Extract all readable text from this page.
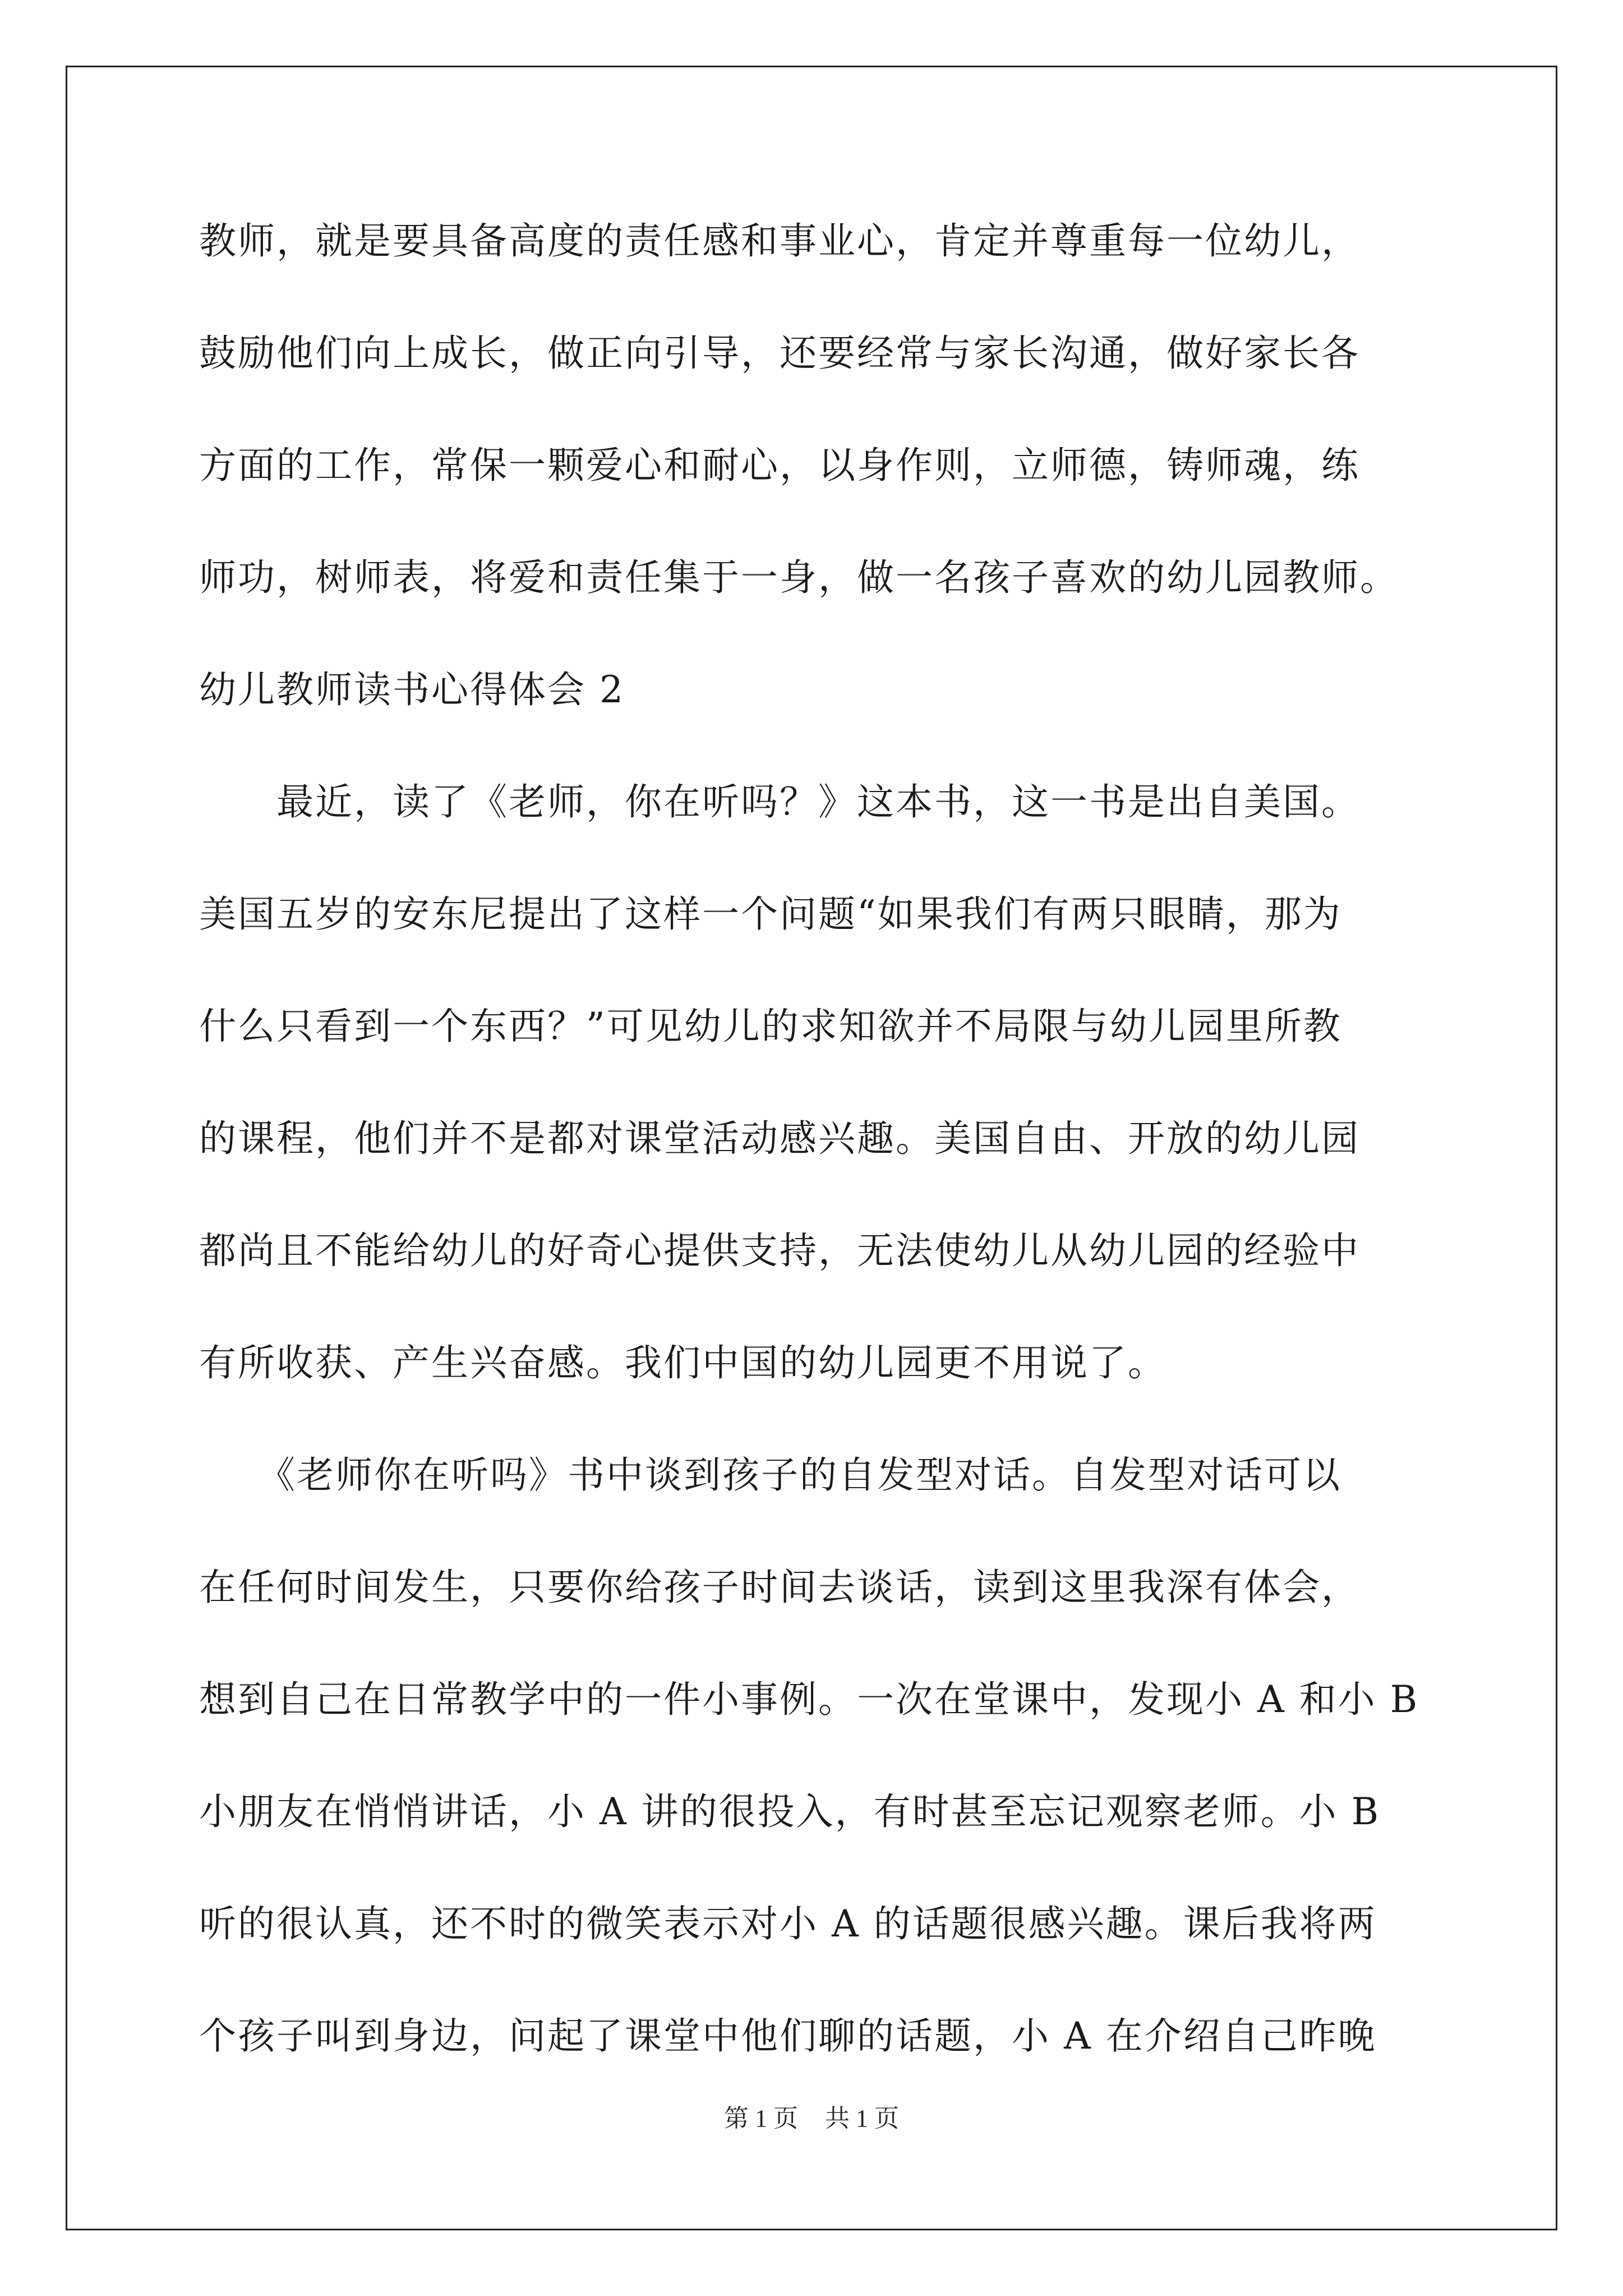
教师，就是要具备高度的责任感和事业心，肯定并尊重每一位幼儿，
鼓励他们向上成长，做正向引导，还要经常与家长沟通，做好家长各
方面的工作，常保一颗爱心和耐心，以身作则，立师德，铸师魂，练
师功，树师表，将爱和责任集于一身，做一名孩子喜欢的幼儿园教师。
幼儿教师读书心得体会 2
　　最近，读了《老师，你在听吗？》这本书，这一书是出自美国。
美国五岁的安东尼提出了这样一个问题“如果我们有两只眼睛，那为
什么只看到一个东西？”可见幼儿的求知欲并不局限与幼儿园里所教
的课程，他们并不是都对课堂活动感兴趣。美国自由、开放的幼儿园
都尚且不能给幼儿的好奇心提供支持，无法使幼儿从幼儿园的经验中
有所收获、产生兴奋感。我们中国的幼儿园更不用说了。
　　《老师你在听吗》书中谈到孩子的自发型对话。自发型对话可以
在任何时间发生，只要你给孩子时间去谈话，读到这里我深有体会，
想到自己在日常教学中的一件小事例。一次在堂课中，发现小 A 和小 B
小朋友在悄悄讲话，小 A 讲的很投入，有时甚至忘记观察老师。小 B
听的很认真，还不时的微笑表示对小 A 的话题很感兴趣。课后我将两
个孩子叫到身边，问起了课堂中他们聊的话题，小 A 在介绍自己昨晚
第 1 页 共 1 页
